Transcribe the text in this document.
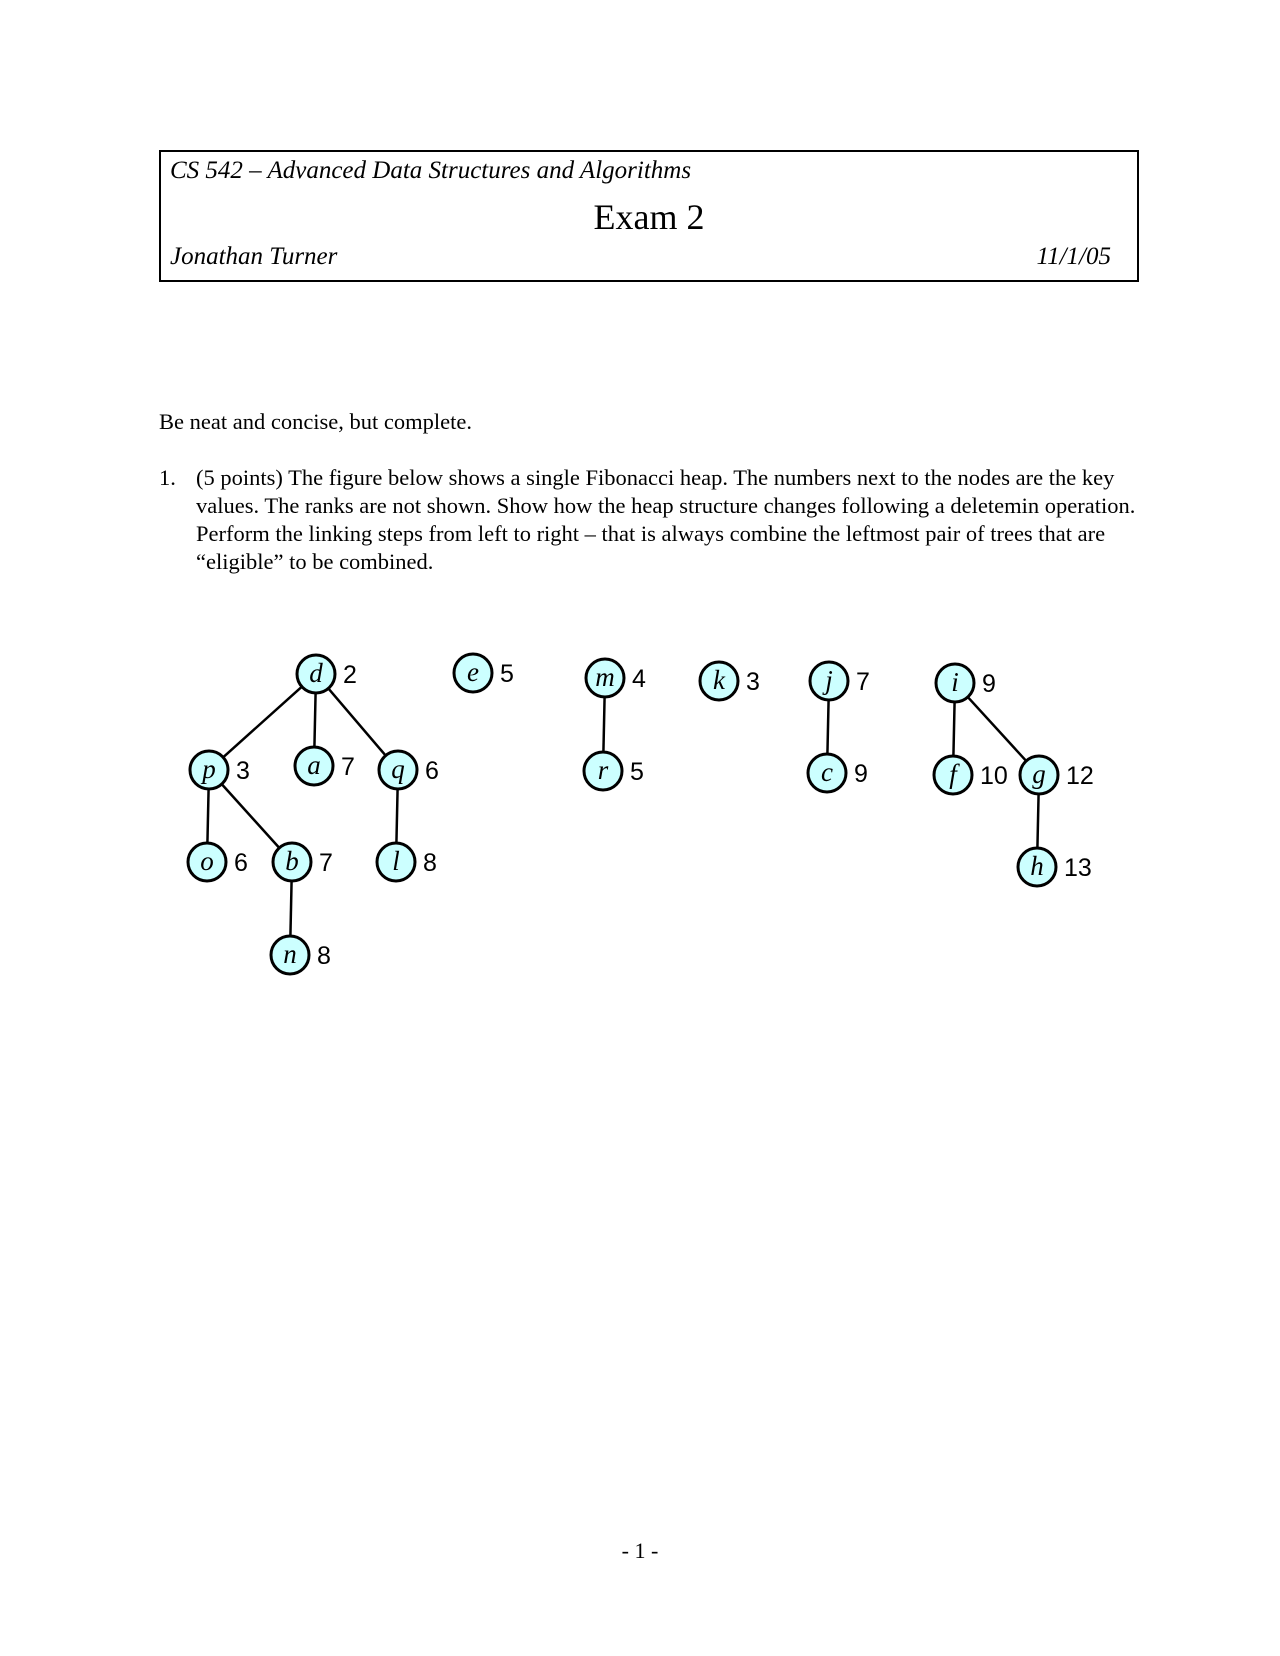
CS 542 – Advanced Data Structures and Algorithms
Exam 2
Jonathan Turner	11/1/05
Be neat and concise, but complete.
1. (5 points) The figure below shows a single Fibonacci heap. The numbers next to the nodes are the key values. The ranks are not shown. Show how the heap structure changes following a deletemin operation. Perform the linking steps from left to right – that is always combine the leftmost pair of trees that are “eligible” to be combined.
d 2
p 3 a 7 q 6
o 6 b 7 l 8
n 8
e 5	m 4
r 5
k 3 j 7
c 9
i 9
f 10 g 12
h 13
- 1 -
